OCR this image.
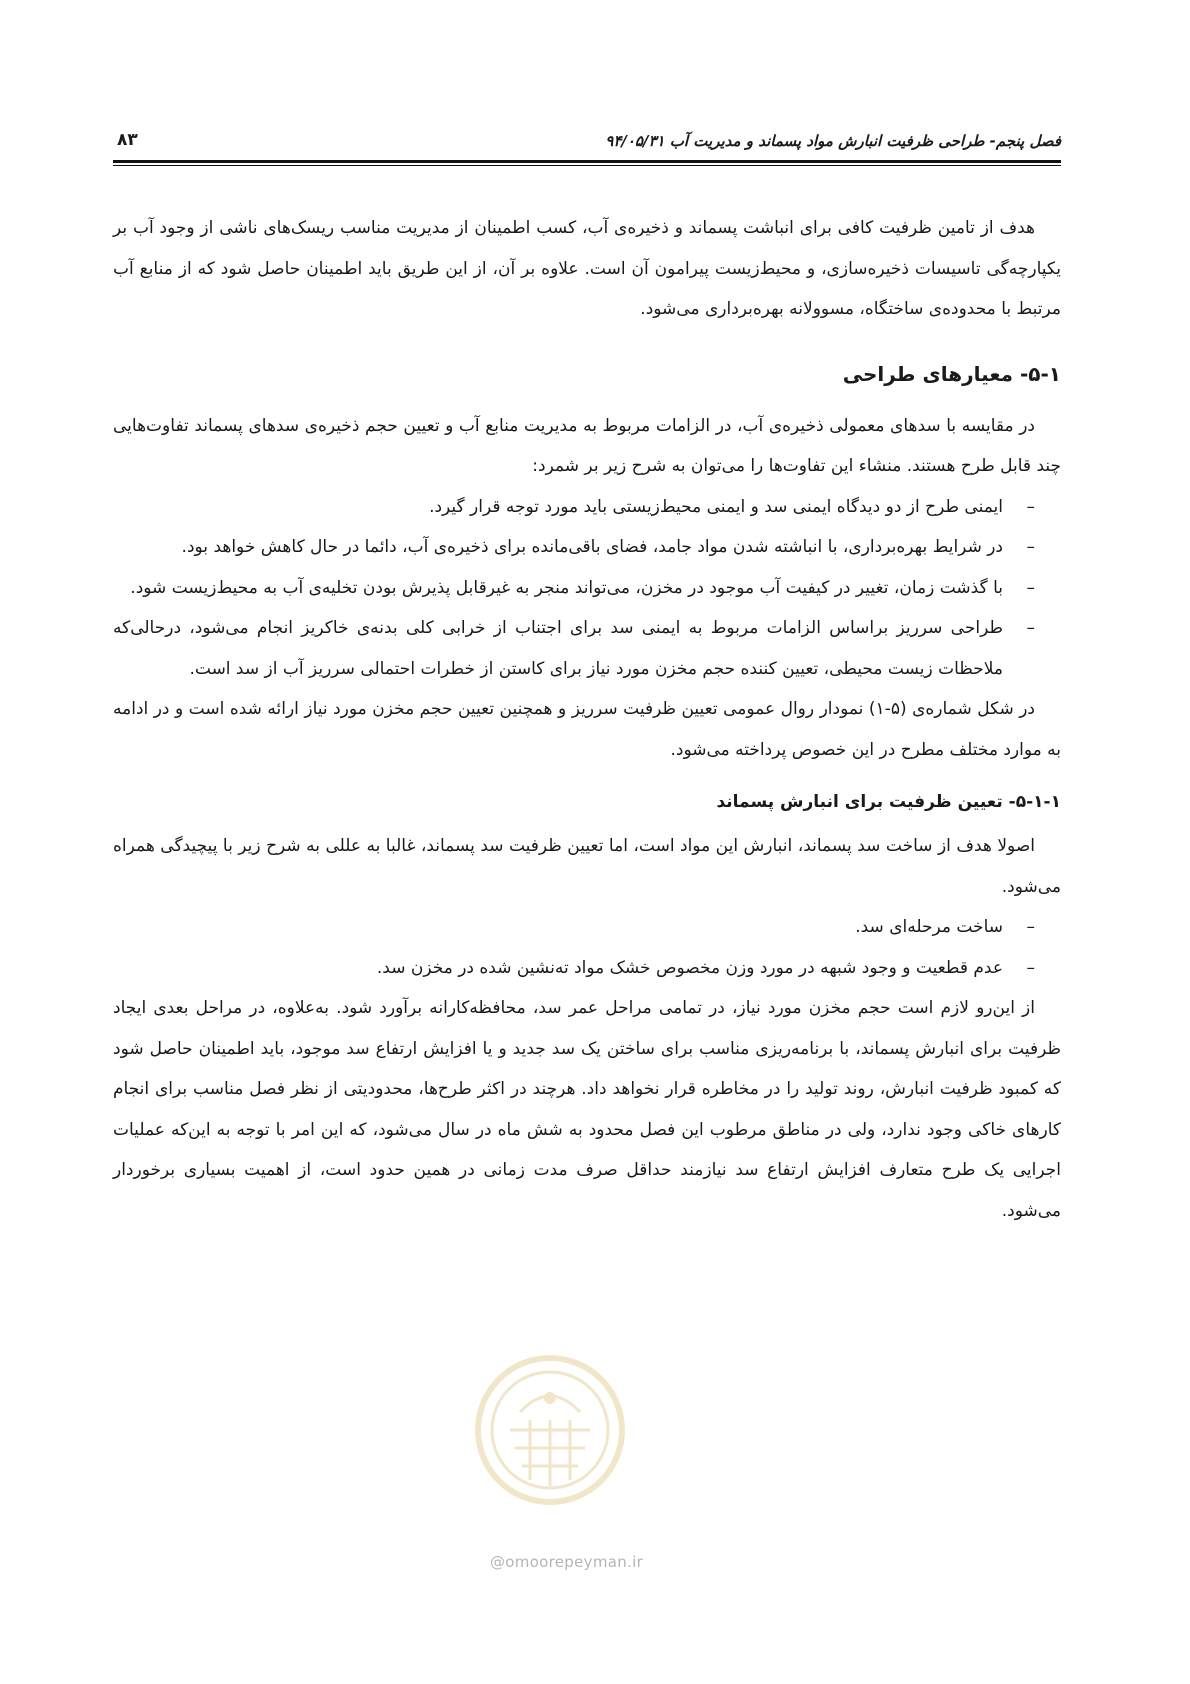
فصل پنجم- طراحی ظرفیت انبارش مواد پسماند و مدیریت آب ۹۴/۰۵/۳۱
۸۳

هدف از تامین ظرفیت کافی برای انباشت پسماند و ذخیره‌ی آب، کسب اطمینان از مدیریت مناسب ریسک‌های ناشی از وجود آب بر یکپارچه‌گی تاسیسات ذخیره‌سازی، و محیط‌زیست پیرامون آن است. علاوه بر آن، از این طریق باید اطمینان حاصل شود که از منابع آب مرتبط با محدوده‌ی ساختگاه، مسوولانه بهره‌برداری می‌شود.

۵-۱- معیارهای طراحی

در مقایسه با سدهای معمولی ذخیره‌ی آب، در الزامات مربوط به مدیریت منابع آب و تعیین حجم ذخیره‌ی سدهای پسماند تفاوت‌هایی چند قابل طرح هستند. منشاء این تفاوت‌ها را می‌توان به شرح زیر بر شمرد:

–
ایمنی طرح از دو دیدگاه ایمنی سد و ایمنی محیط‌زیستی باید مورد توجه قرار گیرد.
–
در شرایط بهره‌برداری، با انباشته شدن مواد جامد، فضای باقی‌مانده برای ذخیره‌ی آب، دائما در حال کاهش خواهد بود.
–
با گذشت زمان، تغییر در کیفیت آب موجود در مخزن، می‌تواند منجر به غیرقابل پذیرش بودن تخلیه‌ی آب به محیط‌زیست شود.
–
طراحی سرریز براساس الزامات مربوط به ایمنی سد برای اجتناب از خرابی کلی بدنه‌ی خاکریز انجام می‌شود، درحالی‌که ملاحظات زیست محیطی، تعیین کننده حجم مخزن مورد نیاز برای کاستن از خطرات احتمالی سرریز آب از سد است.

در شکل شماره‌ی (۵-۱) نمودار روال عمومی تعیین ظرفیت سرریز و همچنین تعیین حجم مخزن مورد نیاز ارائه شده است و در ادامه به موارد مختلف مطرح در این خصوص پرداخته می‌شود.

۵-۱-۱- تعیین ظرفیت برای انبارش پسماند

اصولا هدف از ساخت سد پسماند، انبارش این مواد است، اما تعیین ظرفیت سد پسماند، غالبا به عللی به شرح زیر با پیچیدگی همراه می‌شود.

–
ساخت مرحله‌ای سد.
–
عدم قطعیت و وجود شبهه در مورد وزن مخصوص خشک مواد ته‌نشین شده در مخزن سد.

از این‌رو لازم است حجم مخزن مورد نیاز، در تمامی مراحل عمر سد، محافظه‌کارانه برآورد شود. به‌علاوه، در مراحل بعدی ایجاد ظرفیت برای انبارش پسماند، با برنامه‌ریزی مناسب برای ساختن یک سد جدید و یا افزایش ارتفاع سد موجود، باید اطمینان حاصل شود که کمبود ظرفیت انبارش، روند تولید را در مخاطره قرار نخواهد داد. هرچند در اکثر طرح‌ها، محدودیتی از نظر فصل مناسب برای انجام کارهای خاکی وجود ندارد، ولی در مناطق مرطوب این فصل محدود به شش ماه در سال می‌شود، که این امر با توجه به این‌که عملیات اجرایی یک طرح متعارف افزایش ارتفاع سد نیازمند حداقل صرف مدت زمانی در همین حدود است، از اهمیت بسیاری برخوردار می‌شود.

@omoorepeyman.ir
